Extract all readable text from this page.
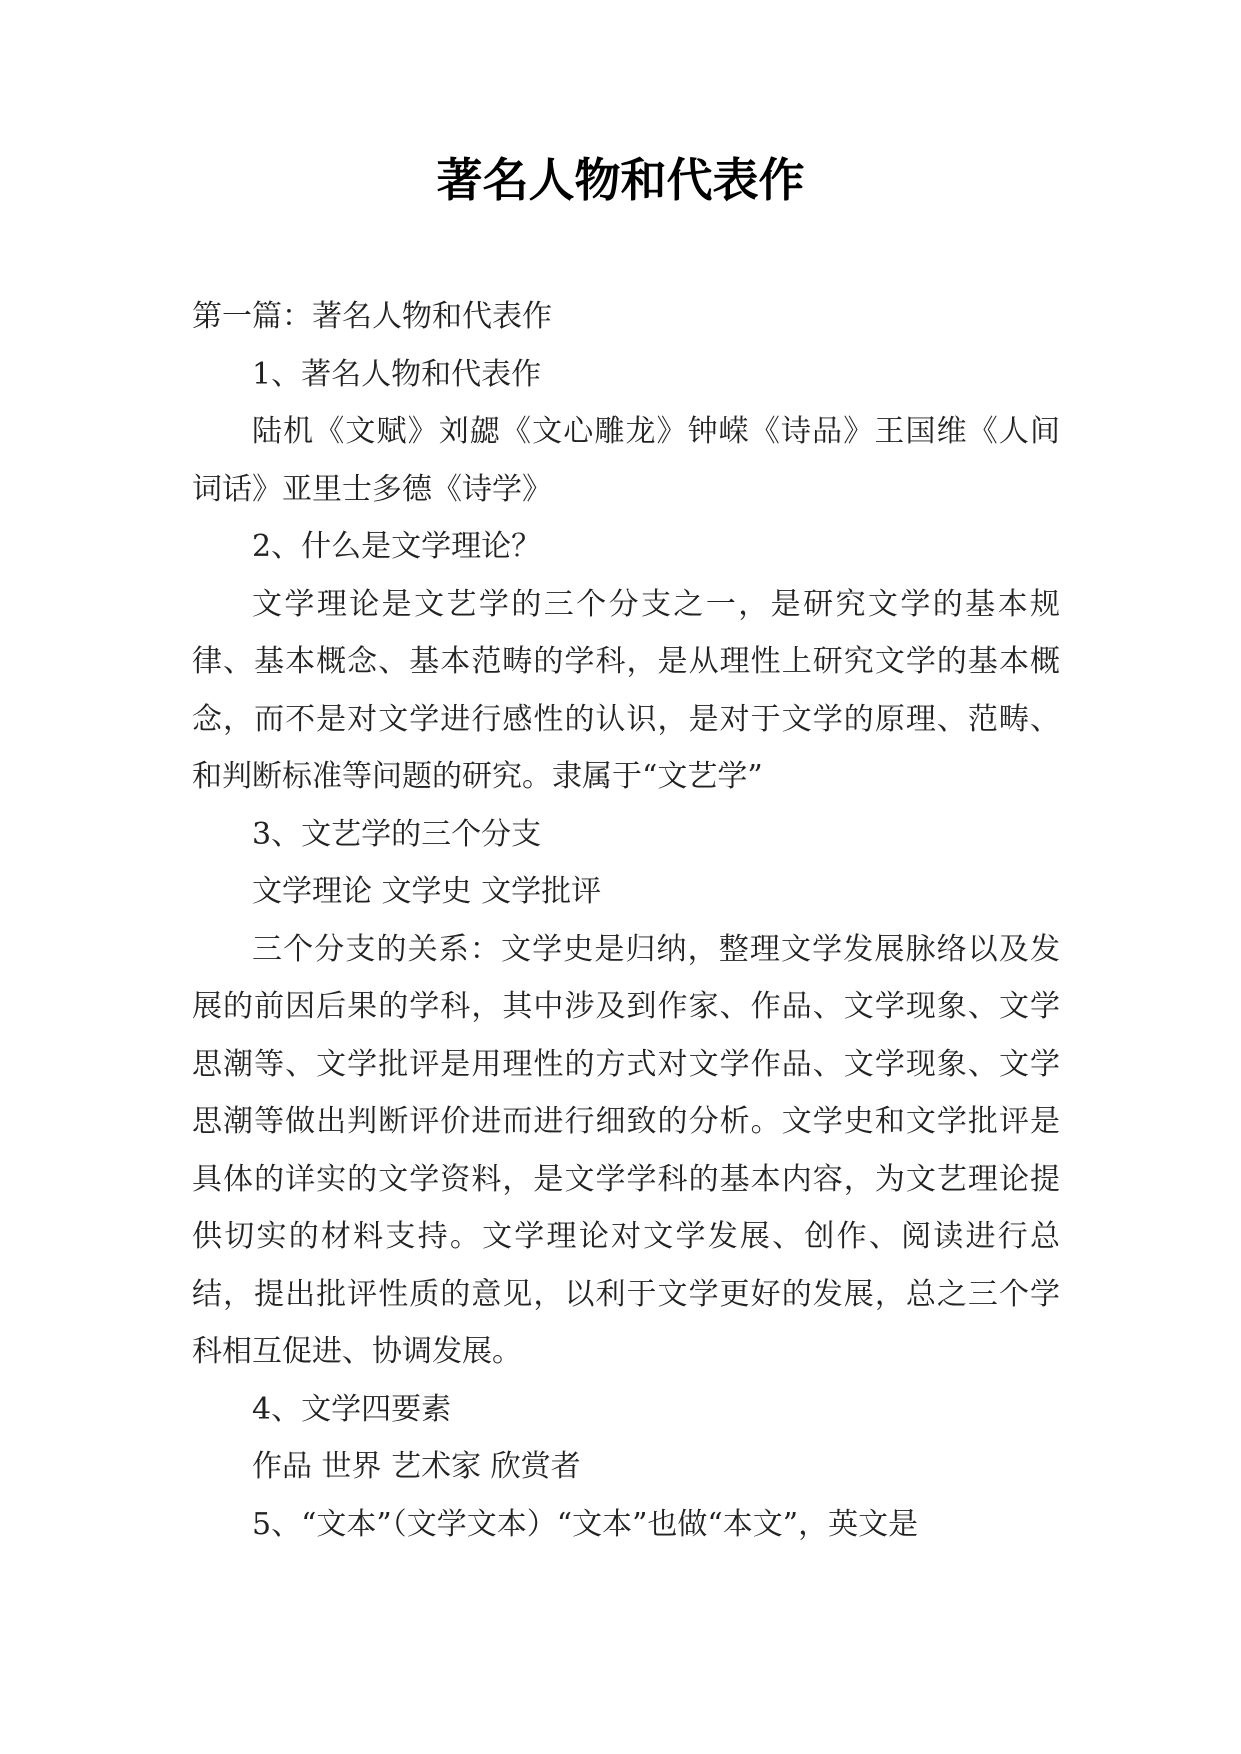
著名人物和代表作

第一篇：著名人物和代表作

1、著名人物和代表作

陆机《文赋》刘勰《文心雕龙》钟嵘《诗品》王国维《人间词话》亚里士多德《诗学》

2、什么是文学理论？

文学理论是文艺学的三个分支之一，是研究文学的基本规律、基本概念、基本范畴的学科，是从理性上研究文学的基本概念，而不是对文学进行感性的认识，是对于文学的原理、范畴、和判断标准等问题的研究。隶属于“文艺学”

3、文艺学的三个分支

文学理论 文学史 文学批评

三个分支的关系：文学史是归纳，整理文学发展脉络以及发展的前因后果的学科，其中涉及到作家、作品、文学现象、文学思潮等、文学批评是用理性的方式对文学作品、文学现象、文学思潮等做出判断评价进而进行细致的分析。文学史和文学批评是具体的详实的文学资料，是文学学科的基本内容，为文艺理论提供切实的材料支持。文学理论对文学发展、创作、阅读进行总结，提出批评性质的意见，以利于文学更好的发展，总之三个学科相互促进、协调发展。

4、文学四要素

作品 世界 艺术家 欣赏者

5、“文本”（文学文本）“文本”也做“本文”，英文是
